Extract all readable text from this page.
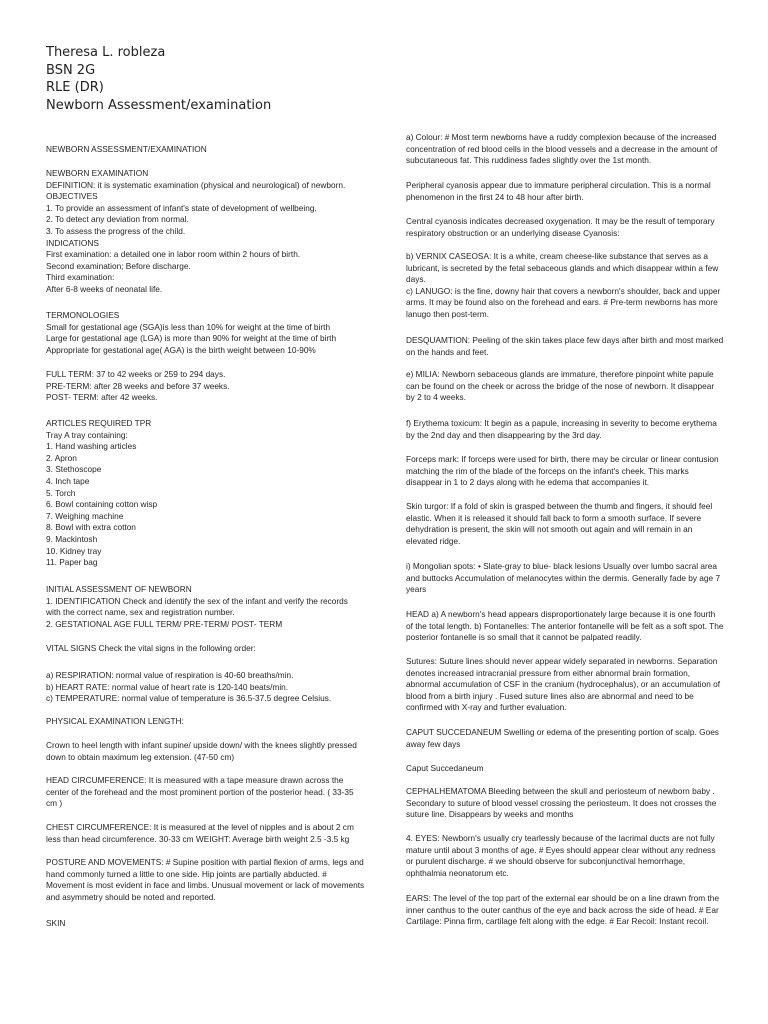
Theresa L. robleza
BSN 2G
RLE (DR)
Newborn Assessment/examination
NEWBORN ASSESSMENT/EXAMINATION
NEWBORN EXAMINATION
DEFINITION: it is systematic examination (physical and neurological) of newborn.
OBJECTIVES
1. To provide an assessment of infant's state of development of wellbeing.
2. To detect any deviation from normal.
3. To assess the progress of the child.
INDICATIONS
First examination: a detailed one in labor room within 2 hours of birth.
Second examination; Before discharge.
Third examination:
After 6-8 weeks of neonatal life.
TERMONOLOGIES
Small for gestational age (SGA)is less than 10% for weight at the time of birth
Large for gestational age (LGA) is more than 90% for weight at the time of birth
Appropriate for gestational age( AGA) is the birth weight between 10-90%
FULL TERM: 37 to 42 weeks or 259 to 294 days.
PRE-TERM: after 28 weeks and before 37 weeks.
POST- TERM: after 42 weeks.
ARTICLES REQUIRED TPR
Tray A tray containing:
1. Hand washing articles
2. Apron
3. Stethoscope
4. Inch tape
5. Torch
6. Bowl containing cotton wisp
7. Weighing machine
8. Bowl with extra cotton
9. Mackintosh
10. Kidney tray
11. Paper bag
INITIAL ASSESSMENT OF NEWBORN
1. IDENTIFICATION Check and identify the sex of the infant and verify the records
with the correct name, sex and registration number.
2. GESTATIONAL AGE FULL TERM/ PRE-TERM/ POST- TERM
VITAL SIGNS Check the vital signs in the following order:
a) RESPIRATION: normal value of respiration is 40-60 breaths/min.
b) HEART RATE: normal value of heart rate is 120-140 beats/min.
c) TEMPERATURE: normal value of temperature is 36.5-37.5 degree Celsius.
PHYSICAL EXAMINATION LENGTH:
Crown to heel length with infant supine/ upside down/ with the knees slightly pressed
down to obtain maximum leg extension. (47-50 cm)
HEAD CIRCUMFERENCE: It is measured with a tape measure drawn across the
center of the forehead and the most prominent portion of the posterior head. ( 33-35
cm )
CHEST CIRCUMFERENCE: It is measured at the level of nipples and is about 2 cm
less than head circumference. 30-33 cm WEIGHT: Average birth weight 2.5 -3.5 kg
POSTURE AND MOVEMENTS: # Supine position with partial flexion of arms, legs and
hand commonly turned a little to one side. Hip joints are partially abducted. #
Movement is most evident in face and limbs. Unusual movement or lack of movements
and asymmetry should be noted and reported.
SKIN
a) Colour: # Most term newborns have a ruddy complexion because of the increased
concentration of red blood cells in the blood vessels and a decrease in the amount of
subcutaneous fat. This ruddiness fades slightly over the 1st month.
Peripheral cyanosis appear due to immature peripheral circulation. This is a normal
phenomenon in the first 24 to 48 hour after birth.
Central cyanosis indicates decreased oxygenation. It may be the result of temporary
respiratory obstruction or an underlying disease Cyanosis:
b) VERNIX CASEOSA: It is a white, cream cheese-like substance that serves as a
lubricant, is secreted by the fetal sebaceous glands and which disappear within a few
days.
c) LANUGO: is the fine, downy hair that covers a newborn's shoulder, back and upper
arms. It may be found also on the forehead and ears. # Pre-term newborns has more
lanugo then post-term.
DESQUAMTION: Peeling of the skin takes place few days after birth and most marked
on the hands and feet.
e) MILIA: Newborn sebaceous glands are immature, therefore pinpoint white papule
can be found on the cheek or across the bridge of the nose of newborn. It disappear
by 2 to 4 weeks.
f) Erythema toxicum: It begin as a papule, increasing in severity to become erythema
by the 2nd day and then disappearing by the 3rd day.
Forceps mark: If forceps were used for birth, there may be circular or linear contusion
matching the rim of the blade of the forceps on the infant's cheek. This marks
disappear in 1 to 2 days along with he edema that accompanies it.
Skin turgor: If a fold of skin is grasped between the thumb and fingers, it should feel
elastic. When it is released it should fall back to form a smooth surface. If severe
dehydration is present, the skin will not smooth out again and will remain in an
elevated ridge.
i) Mongolian spots: • Slate-gray to blue- black lesions Usually over lumbo sacral area
and buttocks Accumulation of melanocytes within the dermis. Generally fade by age 7
years
HEAD a) A newborn's head appears disproportionately large because it is one fourth
of the total length. b) Fontanelles: The anterior fontanelle will be felt as a soft spot. The
posterior fontanelle is so small that it cannot be palpated readily.
Sutures: Suture lines should never appear widely separated in newborns. Separation
denotes increased intracranial pressure from either abnormal brain formation,
abnormal accumulation of CSF in the cranium (hydrocephalus), or an accumulation of
blood from a birth injury . Fused suture lines also are abnormal and need to be
confirmed with X-ray and further evaluation.
CAPUT SUCCEDANEUM Swelling or edema of the presenting portion of scalp. Goes
away few days
Caput Succedaneum
CEPHALHEMATOMA Bleeding between the skull and periosteum of newborn baby .
Secondary to suture of blood vessel crossing the periosteum. It does not crosses the
suture line. Disappears by weeks and months
4. EYES: Newborn's usually cry tearlessly because of the lacrimal ducts are not fully
mature until about 3 months of age. # Eyes should appear clear without any redness
or purulent discharge. # we should observe for subconjunctival hemorrhage,
ophthalmia neonatorum etc.
EARS: The level of the top part of the external ear should be on a line drawn from the
inner canthus to the outer canthus of the eye and back across the side of head. # Ear
Cartilage: Pinna firm, cartilage felt along with the edge. # Ear Recoil: Instant recoil.
